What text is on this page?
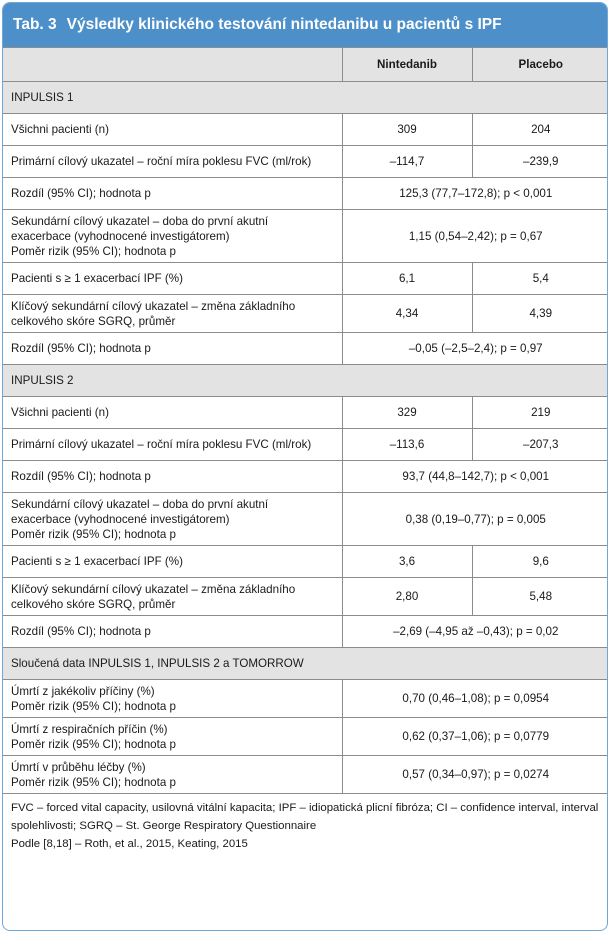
Tab. 3 Výsledky klinického testování nintedanibu u pacientů s IPF
	Nintedanib	Placebo
INPULSIS 1		

Všichni pacienti (n)	309	204

Primární cílový ukazatel – roční míra poklesu FVC (ml/rok)	–114,7	–239,9

Rozdíl (95% CI); hodnota p	125,3 (77,7–172,8); p < 0,001	

Sekundární cílový ukazatel – doba do první akutní
exacerbace (vyhodnocené investigátorem)
Poměr rizik (95% CI); hodnota p	1,15 (0,54–2,42); p = 0,67	

Pacienti s ≥ 1 exacerbací IPF (%)	6,1	5,4

Klíčový sekundární cílový ukazatel – změna základního
celkového skóre SGRQ, průměr	4,34	4,39

Rozdíl (95% CI); hodnota p	–0,05 (–2,5–2,4); p = 0,97	
INPULSIS 2		

Všichni pacienti (n)	329	219

Primární cílový ukazatel – roční míra poklesu FVC (ml/rok)	–113,6	–207,3

Rozdíl (95% CI); hodnota p	93,7 (44,8–142,7); p < 0,001	

Sekundární cílový ukazatel – doba do první akutní
exacerbace (vyhodnocené investigátorem)
Poměr rizik (95% CI); hodnota p	0,38 (0,19–0,77); p = 0,005	

Pacienti s ≥ 1 exacerbací IPF (%)	3,6	9,6

Klíčový sekundární cílový ukazatel – změna základního
celkového skóre SGRQ, průměr	2,80	5,48

Rozdíl (95% CI); hodnota p	–2,69 (–4,95 až –0,43); p = 0,02	
Sloučená data INPULSIS 1, INPULSIS 2 a TOMORROW		

Úmrtí z jakékoliv příčiny (%)
Poměr rizik (95% CI); hodnota p	0,70 (0,46–1,08); p = 0,0954	

Úmrtí z respiračních příčin (%)
Poměr rizik (95% CI); hodnota p	0,62 (0,37–1,06); p = 0,0779	

Úmrtí v průběhu léčby (%)
Poměr rizik (95% CI); hodnota p	0,57 (0,34–0,97); p = 0,0274	
FVC – forced vital capacity, usilovná vitální kapacita; IPF – idiopatická plicní fibróza; CI – confidence interval, interval spolehlivosti; SGRQ – St. George Respiratory Questionnaire
Podle [8,18] – Roth, et al., 2015, Keating, 2015
